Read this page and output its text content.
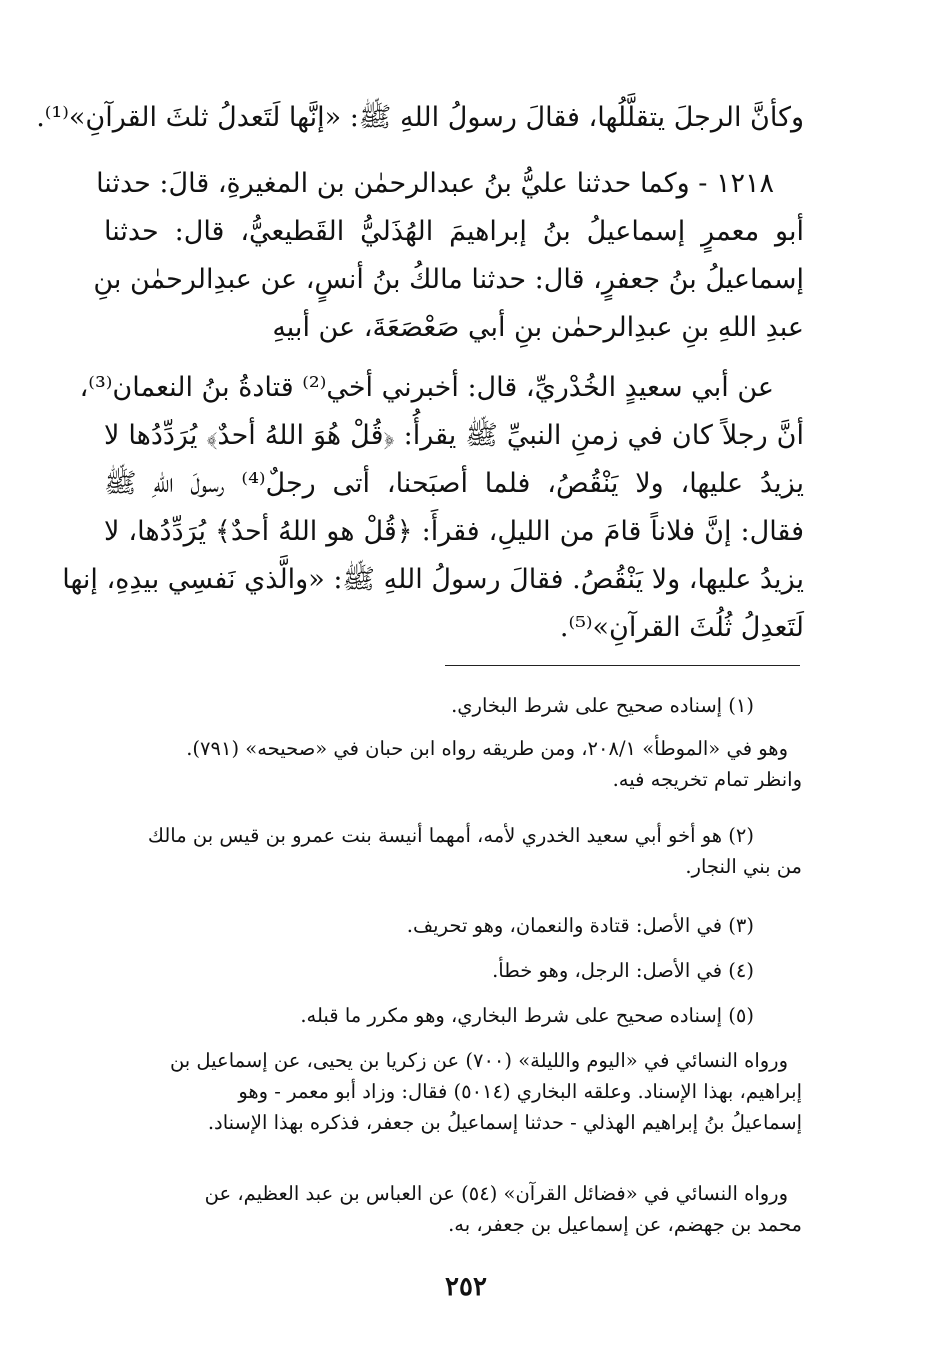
وكأنَّ الرجلَ يتقلَّلُها، فقالَ رسولُ اللهِ ﷺ: «إنَّها لَتَعدلُ ثلثَ القرآنِ»⁽¹⁾.
١٢١٨ - وكما حدثنا عليُّ بنُ عبدالرحمٰن بن المغيرةِ، قالَ: حدثنا
أبو معمرٍ إسماعيلُ بنُ إبراهيمَ الهُذَليُّ القَطيعيُّ، قال: حدثنا
إسماعيلُ بنُ جعفرٍ، قال: حدثنا مالكُ بنُ أنسٍ، عن عبدِالرحمٰن بنِ
عبدِ اللهِ بنِ عبدِالرحمٰن بنِ أبي صَعْصَعَةَ، عن أبيهِ
عن أبي سعيدٍ الخُدْريِّ، قال: أخبرني أخي⁽²⁾ قتادةُ بنُ النعمان⁽³⁾،
أنَّ رجلاً كان في زمنِ النبيِّ ﷺ يقرأُ: ﴿قُلْ هُوَ اللهُ أحدٌ﴾ يُرَدِّدُها لا
يزيدُ عليها، ولا يَنْقُصُ، فلما أصبَحنا، أتى رجلٌ⁽⁴⁾ رسولَ اللهِ ﷺ
فقال: إنَّ فلاناً قامَ من الليلِ، فقرأَ: ﴿قُلْ هو اللهُ أحدٌ﴾ يُرَدِّدُها، لا
يزيدُ عليها، ولا يَنْقُصُ. فقالَ رسولُ اللهِ ﷺ: «والَّذي نَفسِي بيدِهِ، إنها
لَتَعدِلُ ثُلُثَ القرآنِ»⁽⁵⁾.
(١) إسناده صحيح على شرط البخاري.
وهو في «الموطأ» ٢٠٨/١، ومن طريقه رواه ابن حبان في «صحيحه» (٧٩١).
وانظر تمام تخريجه فيه.
(٢) هو أخو أبي سعيد الخدري لأمه، أمهما أنيسة بنت عمرو بن قيس بن مالك
من بني النجار.
(٣) في الأصل: قتادة والنعمان، وهو تحريف.
(٤) في الأصل: الرجل، وهو خطأ.
(٥) إسناده صحيح على شرط البخاري، وهو مكرر ما قبله.
ورواه النسائي في «اليوم والليلة» (٧٠٠) عن زكريا بن يحيى، عن إسماعيل بن
إبراهيم، بهذا الإسناد. وعلقه البخاري (٥٠١٤) فقال: وزاد أبو معمر - وهو
إسماعيلُ بنُ إبراهيم الهذلي - حدثنا إسماعيلُ بن جعفر، فذكره بهذا الإسناد.
ورواه النسائي في «فضائل القرآن» (٥٤) عن العباس بن عبد العظيم، عن
محمد بن جهضم، عن إسماعيل بن جعفر، به.
٢٥٢
